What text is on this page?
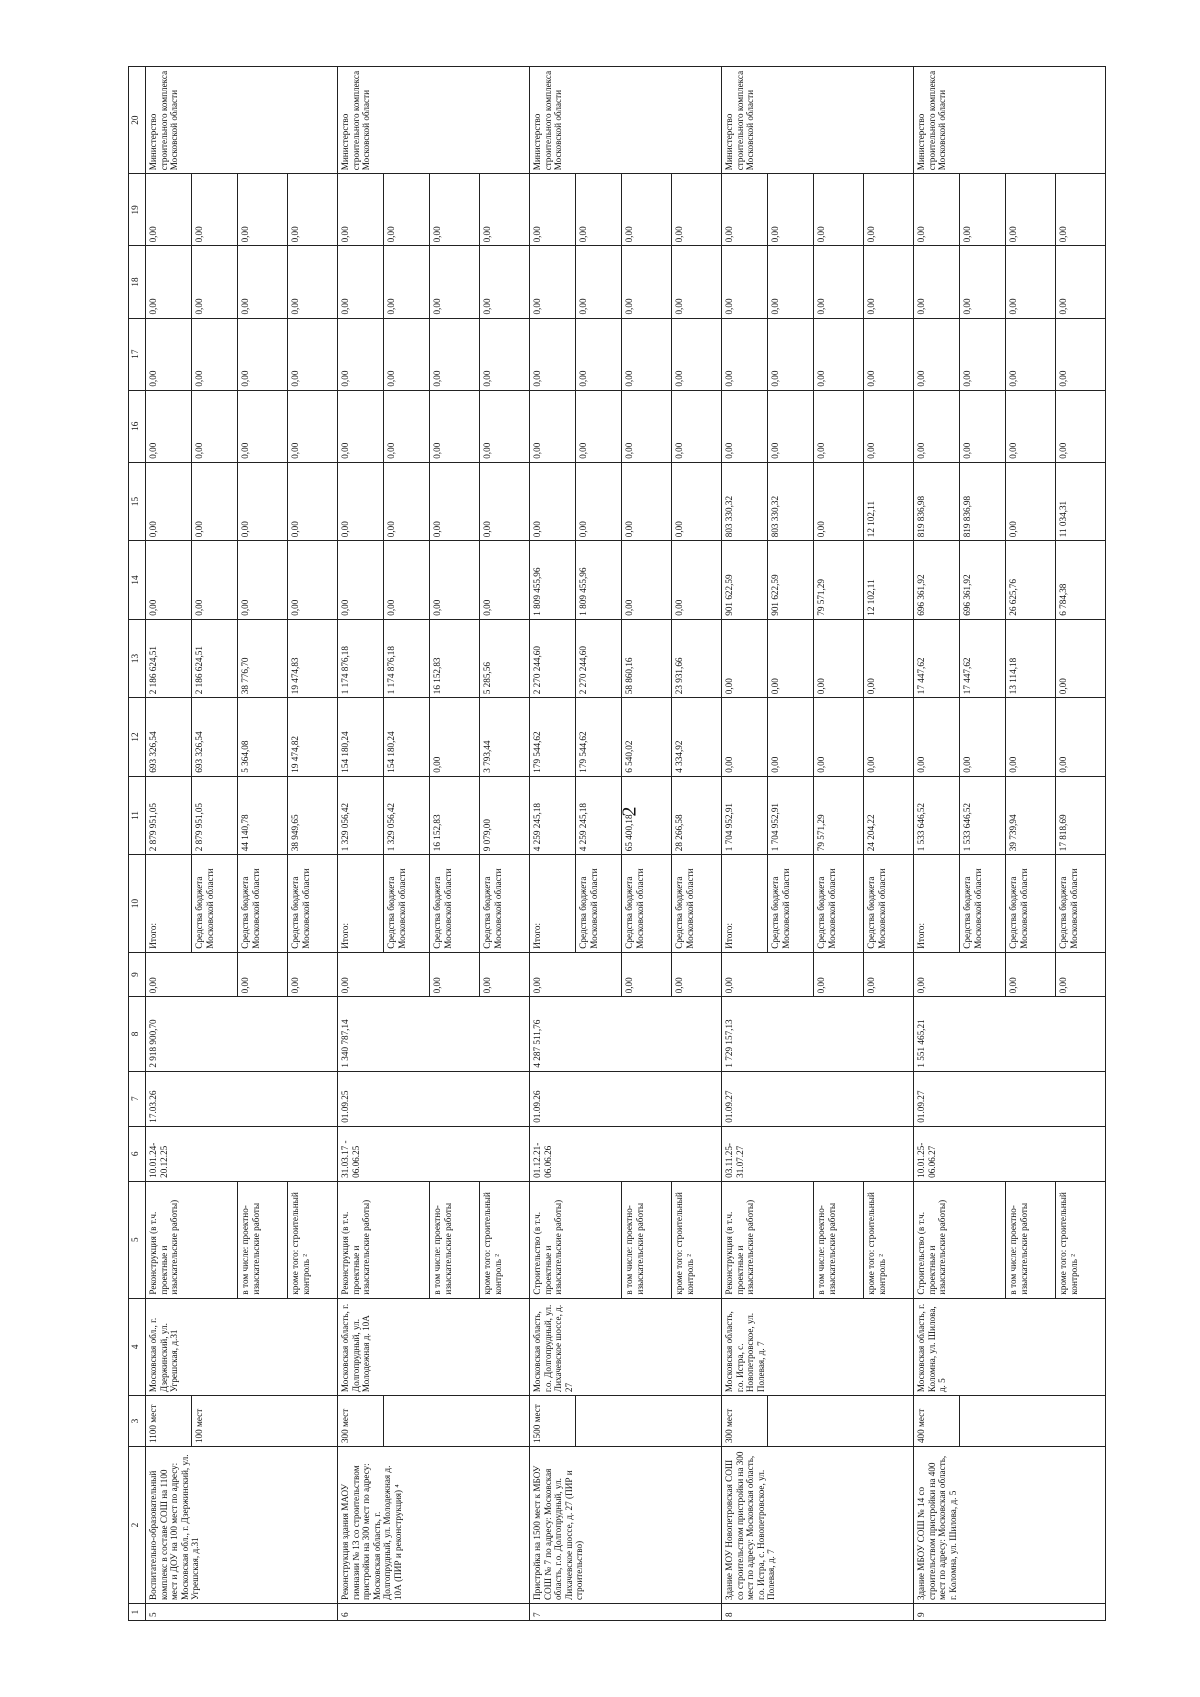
2
1	2	3	4	5	6	7	8	9	10	11	12	13	14	15	16	17	18	19	20
5	Воспитательно-образовательный комплекс в составе СОШ на 1100 мест и ДОУ на 100 мест по адресу: Московская обл., г. Дзержинский, ул. Угрешская, д.31	1100 мест	Московская обл., г. Дзержинский, ул. Угрешская, д.31	Реконструкция (в т.ч. проектные и изыскательские работы)	10.01.24-20.12.25	17.03.26	2 918 900,70	0,00	Итого:	2 879 951,05	693 326,54	2 186 624,51	0,00	0,00	0,00	0,00	0,00	0,00	Министерство строительного комплекса Московской области
		100 мест							Средства бюджета Московской области	2 879 951,05	693 326,54	2 186 624,51	0,00	0,00	0,00	0,00	0,00	0,00	
				в том числе: проектно-изыскательские работы				0,00	Средства бюджета Московской области	44 140,78	5 364,08	38 776,70	0,00	0,00	0,00	0,00	0,00	0,00	
				кроме того: строительный контроль ²				0,00	Средства бюджета Московской области	38 949,65	19 474,82	19 474,83	0,00	0,00	0,00	0,00	0,00	0,00	
6	Реконструкция здания МАОУ гимназии № 13 со строительством пристройки на 300 мест по адресу: Московская область, г. Долгопрудный, ул. Молодежная д. 10А (ПИР и реконструкция) ⁴	300 мест	Московская область, г. Долгопрудный, ул. Молодежная д. 10А	Реконструкция (в т.ч. проектные и изыскательские работы)	31.03.17 - 06.06.25	01.09.25	1 340 787,14	0,00	Итого:	1 329 056,42	154 180,24	1 174 876,18	0,00	0,00	0,00	0,00	0,00	0,00	Министерство строительного комплекса Московской области
									Средства бюджета Московской области	1 329 056,42	154 180,24	1 174 876,18	0,00	0,00	0,00	0,00	0,00	0,00	
				в том числе: проектно-изыскательские работы				0,00	Средства бюджета Московской области	16 152,83	0,00	16 152,83	0,00	0,00	0,00	0,00	0,00	0,00	
				кроме того: строительный контроль ²				0,00	Средства бюджета Московской области	9 079,00	3 793,44	5 285,56	0,00	0,00	0,00	0,00	0,00	0,00	
7	Пристройка на 1500 мест к МБОУ СОШ № 7 по адресу: Московская область, г.о. Долгопрудный, ул. Лихачевское шоссе, д. 27 (ПИР и строительство)	1500 мест	Московская область, г.о. Долгопрудный, ул. Лихачевское шоссе, д. 27	Строительство (в т.ч. проектные и изыскательские работы)	01.12.21-06.06.26	01.09.26	4 287 511,76	0,00	Итого:	4 259 245,18	179 544,62	2 270 244,60	1 809 455,96	0,00	0,00	0,00	0,00	0,00	Министерство строительного комплекса Московской области
									Средства бюджета Московской области	4 259 245,18	179 544,62	2 270 244,60	1 809 455,96	0,00	0,00	0,00	0,00	0,00	
				в том числе: проектно-изыскательские работы				0,00	Средства бюджета Московской области	65 400,18	6 540,02	58 860,16	0,00	0,00	0,00	0,00	0,00	0,00	
				кроме того: строительный контроль ²				0,00	Средства бюджета Московской области	28 266,58	4 334,92	23 931,66	0,00	0,00	0,00	0,00	0,00	0,00	
8	Здание МОУ Новопетровская СОШ со строительством пристройки на 300 мест по адресу: Московская область, г.о. Истра, с. Новопетровское, ул. Полевая, д. 7	300 мест	Московская область, г.о. Истра, с. Новопетровское, ул. Полевая, д. 7	Реконструкция (в т.ч. проектные и изыскательские работы)	03.11.25-31.07.27	01.09.27	1 729 157,13	0,00	Итого:	1 704 952,91	0,00	0,00	901 622,59	803 330,32	0,00	0,00	0,00	0,00	Министерство строительного комплекса Московской области
									Средства бюджета Московской области	1 704 952,91	0,00	0,00	901 622,59	803 330,32	0,00	0,00	0,00	0,00	
				в том числе: проектно-изыскательские работы				0,00	Средства бюджета Московской области	79 571,29	0,00	0,00	79 571,29	0,00	0,00	0,00	0,00	0,00	
				кроме того: строительный контроль ²				0,00	Средства бюджета Московской области	24 204,22	0,00	0,00	12 102,11	12 102,11	0,00	0,00	0,00	0,00	
9	Здание МБОУ СОШ № 14 со строительством пристройки на 400 мест по адресу: Московская область, г. Коломна, ул. Шилова, д. 5	400 мест	Московская область, г. Коломна, ул. Шилова, д. 5	Строительство (в т.ч. проектные и изыскательские работы)	10.01.25-06.06.27	01.09.27	1 551 465,21	0,00	Итого:	1 533 646,52	0,00	17 447,62	696 361,92	819 836,98	0,00	0,00	0,00	0,00	Министерство строительного комплекса Московской области
									Средства бюджета Московской области	1 533 646,52	0,00	17 447,62	696 361,92	819 836,98	0,00	0,00	0,00	0,00	
				в том числе: проектно-изыскательские работы				0,00	Средства бюджета Московской области	39 739,94	0,00	13 114,18	26 625,76	0,00	0,00	0,00	0,00	0,00	
				кроме того: строительный контроль ²				0,00	Средства бюджета Московской области	17 818,69	0,00	0,00	6 784,38	11 034,31	0,00	0,00	0,00	0,00	
